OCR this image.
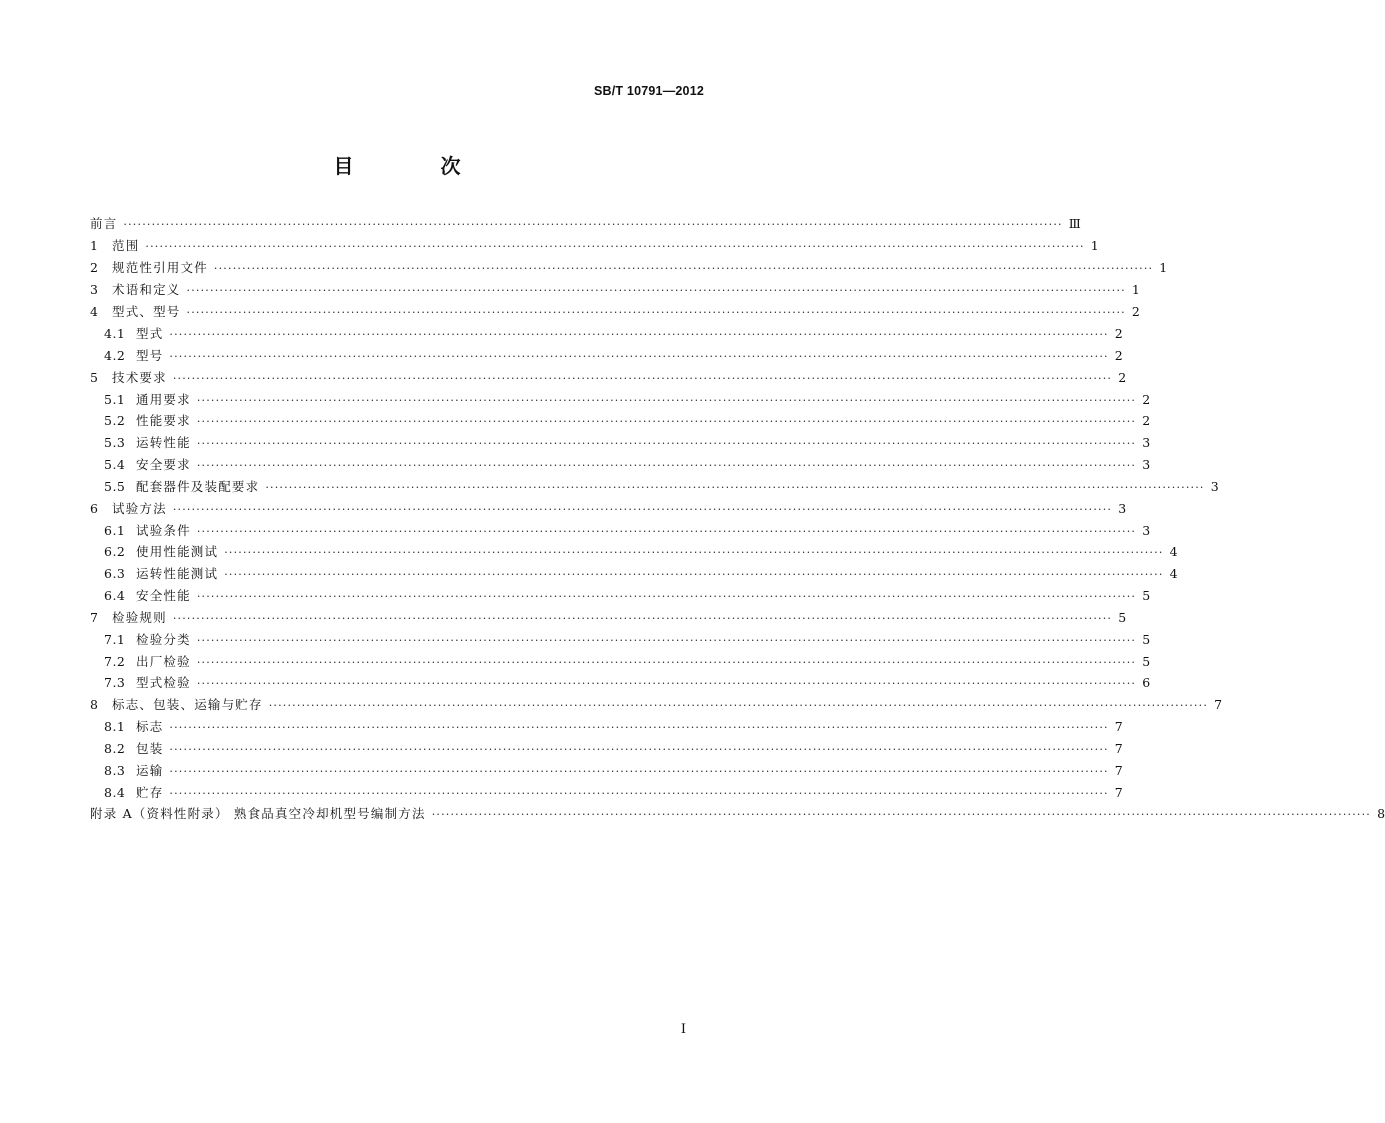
SB/T 10791—2012
目 次
前言 ········································································································································································································ Ⅲ
1	范围 ········································································································································································································ 1
2	规范性引用文件 ········································································································································································································ 1
3	术语和定义 ········································································································································································································ 1
4	型式、型号 ········································································································································································································ 2
4.1 型式 ········································································································································································································ 2
4.2 型号 ········································································································································································································ 2
5	技术要求 ········································································································································································································ 2
5.1 通用要求 ········································································································································································································ 2
5.2 性能要求 ········································································································································································································ 2
5.3 运转性能 ········································································································································································································ 3
5.4 安全要求 ········································································································································································································ 3
5.5 配套器件及装配要求 ········································································································································································································ 3
6	试验方法 ········································································································································································································ 3
6.1 试验条件 ········································································································································································································ 3
6.2 使用性能测试 ········································································································································································································ 4
6.3 运转性能测试 ········································································································································································································ 4
6.4 安全性能 ········································································································································································································ 5
7	检验规则 ········································································································································································································ 5
7.1 检验分类 ········································································································································································································ 5
7.2 出厂检验 ········································································································································································································ 5
7.3 型式检验 ········································································································································································································ 6
8	标志、包装、运输与贮存 ········································································································································································································ 7
8.1 标志 ········································································································································································································ 7
8.2 包装 ········································································································································································································ 7
8.3 运输 ········································································································································································································ 7
8.4 贮存 ········································································································································································································ 7
附录 A（资料性附录） 熟食品真空冷却机型号编制方法 ········································································································································································································ 8
I
